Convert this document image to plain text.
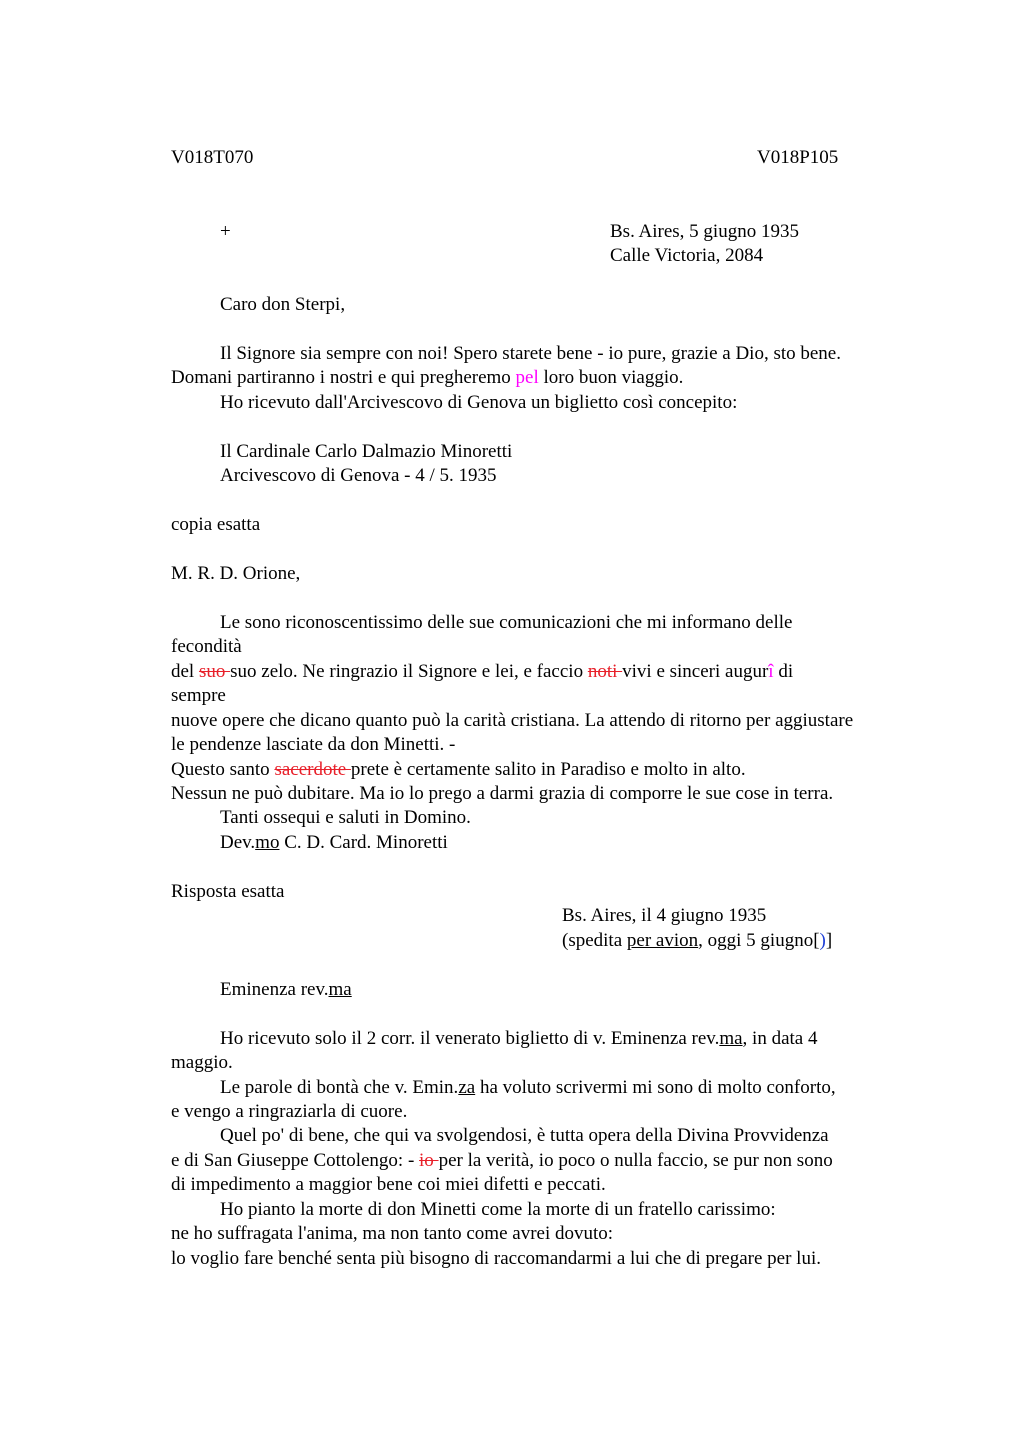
V018T070	V018P105
+	Bs. Aires, 5 giugno 1935
Calle Victoria, 2084
Caro don Sterpi,
Il Signore sia sempre con noi! Spero starete bene - io pure, grazie a Dio, sto bene.
Domani partiranno i nostri e qui pregheremo pel loro buon viaggio.
Ho ricevuto dall'Arcivescovo di Genova un biglietto così concepito:
Il Cardinale Carlo Dalmazio Minoretti
Arcivescovo di Genova - 4 / 5. 1935
copia esatta
M. R. D. Orione,
Le sono riconoscentissimo delle sue comunicazioni che mi informano delle
fecondità
del suo suo zelo. Ne ringrazio il Signore e lei, e faccio noti vivi e sinceri augurî di
sempre
nuove opere che dicano quanto può la carità cristiana. La attendo di ritorno per aggiustare
le pendenze lasciate da don Minetti. -
Questo santo sacerdote prete è certamente salito in Paradiso e molto in alto.
Nessun ne può dubitare. Ma io lo prego a darmi grazia di comporre le sue cose in terra.
Tanti ossequi e saluti in Domino.
Dev.mo C. D. Card. Minoretti
Risposta esatta
Bs. Aires, il 4 giugno 1935
(spedita per avion, oggi 5 giugno[)]
Eminenza rev.ma
Ho ricevuto solo il 2 corr. il venerato biglietto di v. Eminenza rev.ma, in data 4
maggio.
Le parole di bontà che v. Emin.za ha voluto scrivermi mi sono di molto conforto,
e vengo a ringraziarla di cuore.
Quel po' di bene, che qui va svolgendosi, è tutta opera della Divina Provvidenza
e di San Giuseppe Cottolengo: - io per la verità, io poco o nulla faccio, se pur non sono
di impedimento a maggior bene coi miei difetti e peccati.
Ho pianto la morte di don Minetti come la morte di un fratello carissimo:
ne ho suffragata l'anima, ma non tanto come avrei dovuto:
lo voglio fare benché senta più bisogno di raccomandarmi a lui che di pregare per lui.
